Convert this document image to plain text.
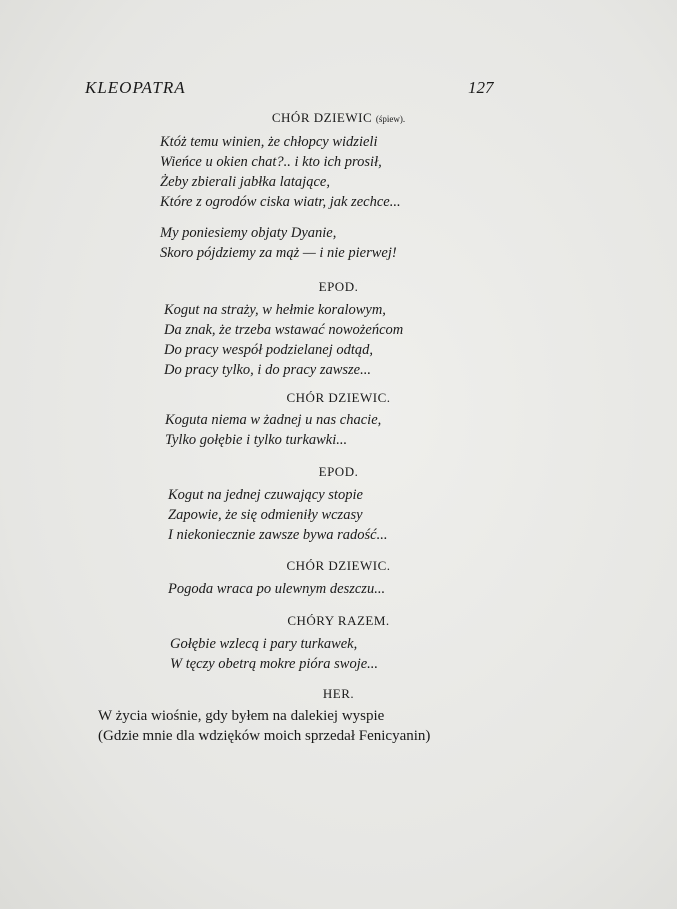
KLEOPATRA	127
CHÓR DZIEWIC (śpiew).
Któż temu winien, że chłopcy widzieli
Wieńce u okien chat?.. i kto ich prosił,
Żeby zbierali jabłka latające,
Które z ogrodów ciska wiatr, jak zechce...
My poniesiemy objaty Dyanie,
Skoro pójdziemy za mąż — i nie pierwej!
EPOD.
Kogut na straży, w hełmie koralowym,
Da znak, że trzeba wstawać nowożeńcom
Do pracy wespół podzielanej odtąd,
Do pracy tylko, i do pracy zawsze...
CHÓR DZIEWIC.
Koguta niema w żadnej u nas chacie,
Tylko gołębie i tylko turkawki...
EPOD.
Kogut na jednej czuwający stopie
Zapowie, że się odmieniły wczasy
I niekoniecznie zawsze bywa radość...
CHÓR DZIEWIC.
Pogoda wraca po ulewnym deszczu...
CHÓRY RAZEM.
Gołębie wzlecą i pary turkawek,
W tęczy obetrą mokre pióra swoje...
HER.
W życia wiośnie, gdy byłem na dalekiej wyspie
(Gdzie mnie dla wdzięków moich sprzedał Fenicyanin)
